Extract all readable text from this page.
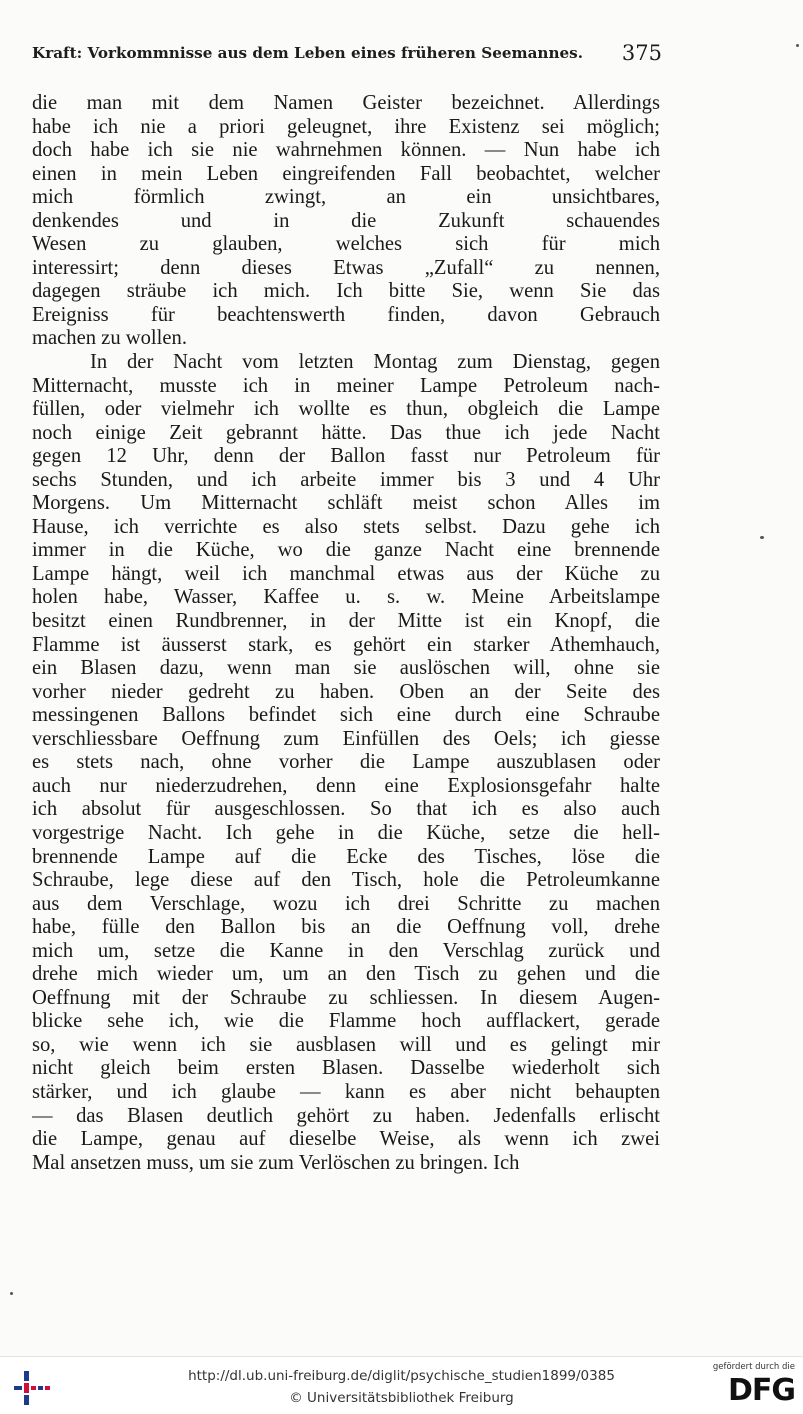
Kraft: Vorkommnisse aus dem Leben eines früheren Seemannes. 375
die man mit dem Namen Geister bezeichnet. Allerdings
habe ich nie a priori geleugnet, ihre Existenz sei möglich;
doch habe ich sie nie wahrnehmen können. — Nun habe ich
einen in mein Leben eingreifenden Fall beobachtet, welcher
mich förmlich zwingt, an ein unsichtbares,
denkendes und in die Zukunft schauendes
Wesen zu glauben, welches sich für mich
interessirt; denn dieses Etwas „Zufall“ zu nennen,
dagegen sträube ich mich. Ich bitte Sie, wenn Sie das
Ereigniss für beachtenswerth finden, davon Gebrauch
machen zu wollen.
In der Nacht vom letzten Montag zum Dienstag, gegen
Mitternacht, musste ich in meiner Lampe Petroleum nach-
füllen, oder vielmehr ich wollte es thun, obgleich die Lampe
noch einige Zeit gebrannt hätte. Das thue ich jede Nacht
gegen 12 Uhr, denn der Ballon fasst nur Petroleum für
sechs Stunden, und ich arbeite immer bis 3 und 4 Uhr
Morgens. Um Mitternacht schläft meist schon Alles im
Hause, ich verrichte es also stets selbst. Dazu gehe ich
immer in die Küche, wo die ganze Nacht eine brennende
Lampe hängt, weil ich manchmal etwas aus der Küche zu
holen habe, Wasser, Kaffee u. s. w. Meine Arbeitslampe
besitzt einen Rundbrenner, in der Mitte ist ein Knopf, die
Flamme ist äusserst stark, es gehört ein starker Athemhauch,
ein Blasen dazu, wenn man sie auslöschen will, ohne sie
vorher nieder gedreht zu haben. Oben an der Seite des
messingenen Ballons befindet sich eine durch eine Schraube
verschliessbare Oeffnung zum Einfüllen des Oels; ich giesse
es stets nach, ohne vorher die Lampe auszublasen oder
auch nur niederzudrehen, denn eine Explosionsgefahr halte
ich absolut für ausgeschlossen. So that ich es also auch
vorgestrige Nacht. Ich gehe in die Küche, setze die hell-
brennende Lampe auf die Ecke des Tisches, löse die
Schraube, lege diese auf den Tisch, hole die Petroleumkanne
aus dem Verschlage, wozu ich drei Schritte zu machen
habe, fülle den Ballon bis an die Oeffnung voll, drehe
mich um, setze die Kanne in den Verschlag zurück und
drehe mich wieder um, um an den Tisch zu gehen und die
Oeffnung mit der Schraube zu schliessen. In diesem Augen-
blicke sehe ich, wie die Flamme hoch aufflackert, gerade
so, wie wenn ich sie ausblasen will und es gelingt mir
nicht gleich beim ersten Blasen. Dasselbe wiederholt sich
stärker, und ich glaube — kann es aber nicht behaupten
— das Blasen deutlich gehört zu haben. Jedenfalls erlischt
die Lampe, genau auf dieselbe Weise, als wenn ich zwei
Mal ansetzen muss, um sie zum Verlöschen zu bringen. Ich
http://dl.ub.uni-freiburg.de/diglit/psychische_studien1899/0385
© Universitätsbibliothek Freiburg
gefördert durch die
DFG
